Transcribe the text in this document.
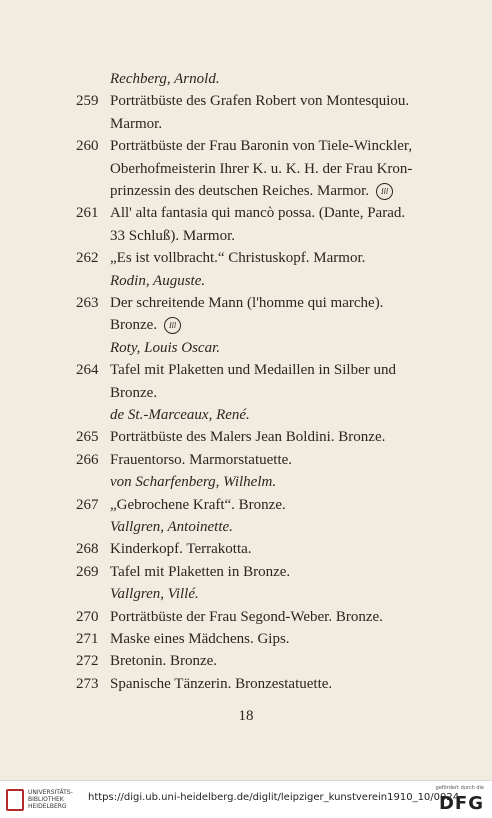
Rechberg, Arnold.
259 Porträtbüste des Grafen Robert von Montesquiou.
Marmor.
260 Porträtbüste der Frau Baronin von Tiele-Winckler,
Oberhofmeisterin Ihrer K. u. K. H. der Frau Kron-
prinzessin des deutschen Reiches. Marmor.	Ill
261 All' alta fantasia qui mancò possa. (Dante, Parad.
33 Schluß). Marmor.
262 „Es ist vollbracht.“ Christuskopf. Marmor.
Rodin, Auguste.
263 Der schreitende Mann (l'homme qui marche).
Bronze.	Ill
Roty, Louis Oscar.
264 Tafel mit Plaketten und Medaillen in Silber und
Bronze.
de St.-Marceaux, René.
265 Porträtbüste des Malers Jean Boldini. Bronze.
266 Frauentorso. Marmorstatuette.
von Scharfenberg, Wilhelm.
267 „Gebrochene Kraft“. Bronze.
Vallgren, Antoinette.
268 Kinderkopf. Terrakotta.
269 Tafel mit Plaketten in Bronze.
Vallgren, Villé.
270 Porträtbüste der Frau Segond-Weber. Bronze.
271 Maske eines Mädchens. Gips.
272 Bretonin. Bronze.
273 Spanische Tänzerin. Bronzestatuette.
18
UNIVERSITÄTS-
BIBLIOTHEK
HEIDELBERG
https://digi.ub.uni-heidelberg.de/diglit/leipziger_kunstverein1910_10/0024
gefördert durch die
DFG
